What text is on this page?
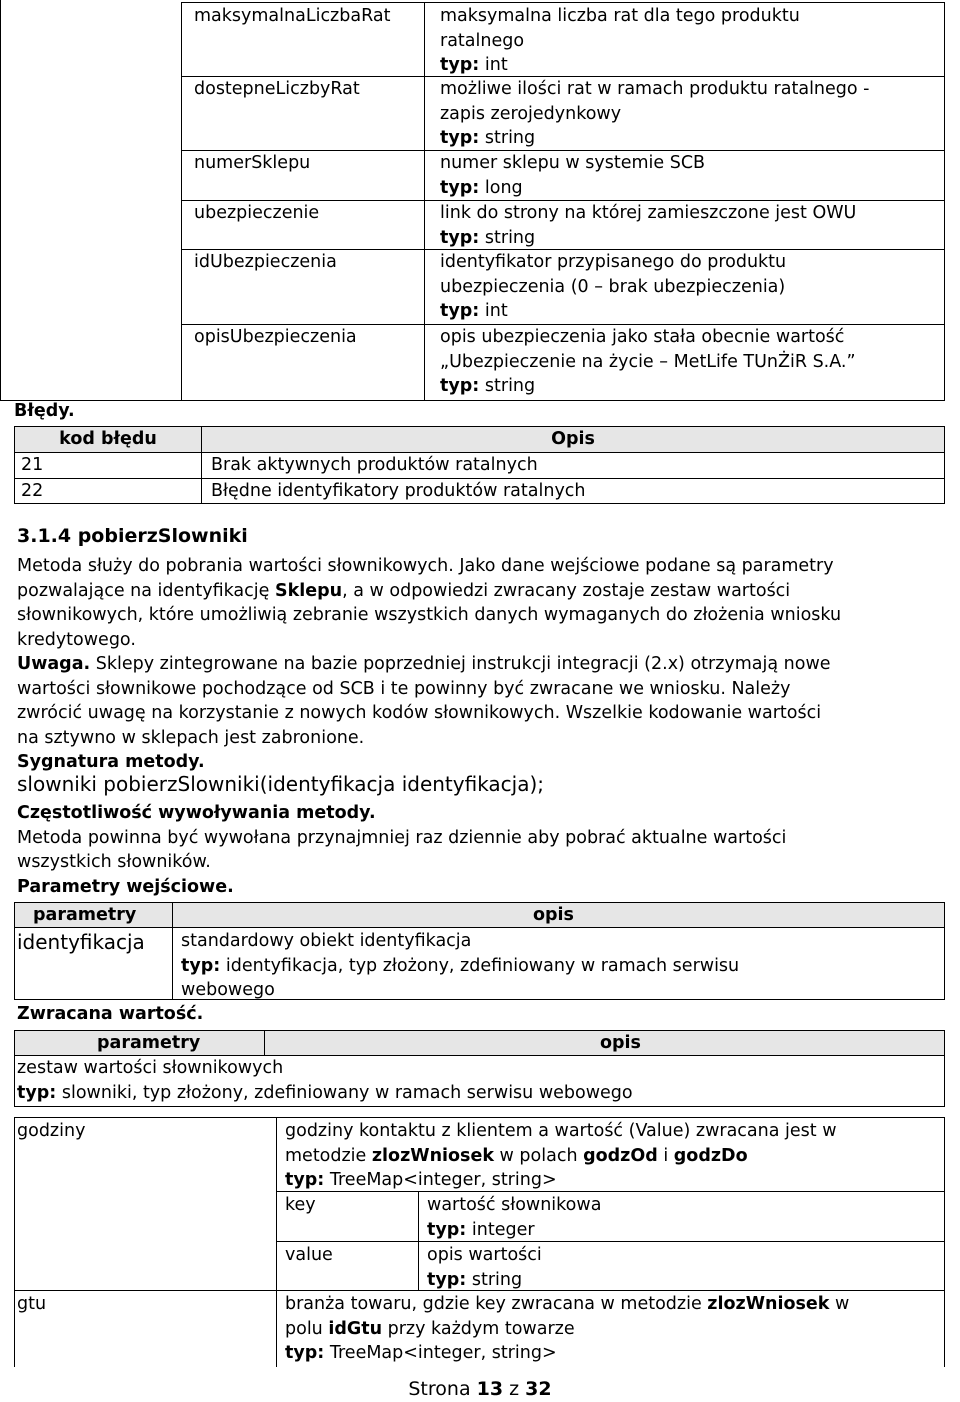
maksymalnaLiczbaRat	maksymalna liczba rat dla tego produktu
ratalnego
typ: int
dostepneLiczbyRat	możliwe ilości rat w ramach produktu ratalnego -
zapis zerojedynkowy
typ: string
numerSklepu	numer sklepu w systemie SCB
typ: long
ubezpieczenie	link do strony na której zamieszczone jest OWU
typ: string
idUbezpieczenia	identyfikator przypisanego do produktu
ubezpieczenia (0 – brak ubezpieczenia)
typ: int
opisUbezpieczenia	opis ubezpieczenia jako stała obecnie wartość
„Ubezpieczenie na życie – MetLife TUnŻiR S.A.”
typ: string
Błędy.
kod błędu	Opis
21	Brak aktywnych produktów ratalnych
22	Błędne identyfikatory produktów ratalnych
3.1.4 pobierzSlowniki
Metoda służy do pobrania wartości słownikowych. Jako dane wejściowe podane są parametry
pozwalające na identyfikację Sklepu, a w odpowiedzi zwracany zostaje zestaw wartości
słownikowych, które umożliwią zebranie wszystkich danych wymaganych do złożenia wniosku
kredytowego.
Uwaga. Sklepy zintegrowane na bazie poprzedniej instrukcji integracji (2.x) otrzymają nowe
wartości słownikowe pochodzące od SCB i te powinny być zwracane we wniosku. Należy
zwrócić uwagę na korzystanie z nowych kodów słownikowych. Wszelkie kodowanie wartości
na sztywno w sklepach jest zabronione.
Sygnatura metody.
slowniki pobierzSlowniki(identyfikacja identyfikacja);
Częstotliwość wywoływania metody.
Metoda powinna być wywołana przynajmniej raz dziennie aby pobrać aktualne wartości
wszystkich słowników.
Parametry wejściowe.
parametry	opis
identyfikacja standardowy obiekt identyfikacja
typ: identyfikacja, typ złożony, zdefiniowany w ramach serwisu
webowego
Zwracana wartość.
parametry	opis
zestaw wartości słownikowych
typ: slowniki, typ złożony, zdefiniowany w ramach serwisu webowego
godziny	godziny kontaktu z klientem a wartość (Value) zwracana jest w
metodzie zlozWniosek w polach godzOd i godzDo
typ: TreeMap<integer, string>
key	wartość słownikowa
typ: integer
value	opis wartości
typ: string
gtu	branża towaru, gdzie key zwracana w metodzie zlozWniosek w
polu idGtu przy każdym towarze
typ: TreeMap<integer, string>
Strona 13 z 32
